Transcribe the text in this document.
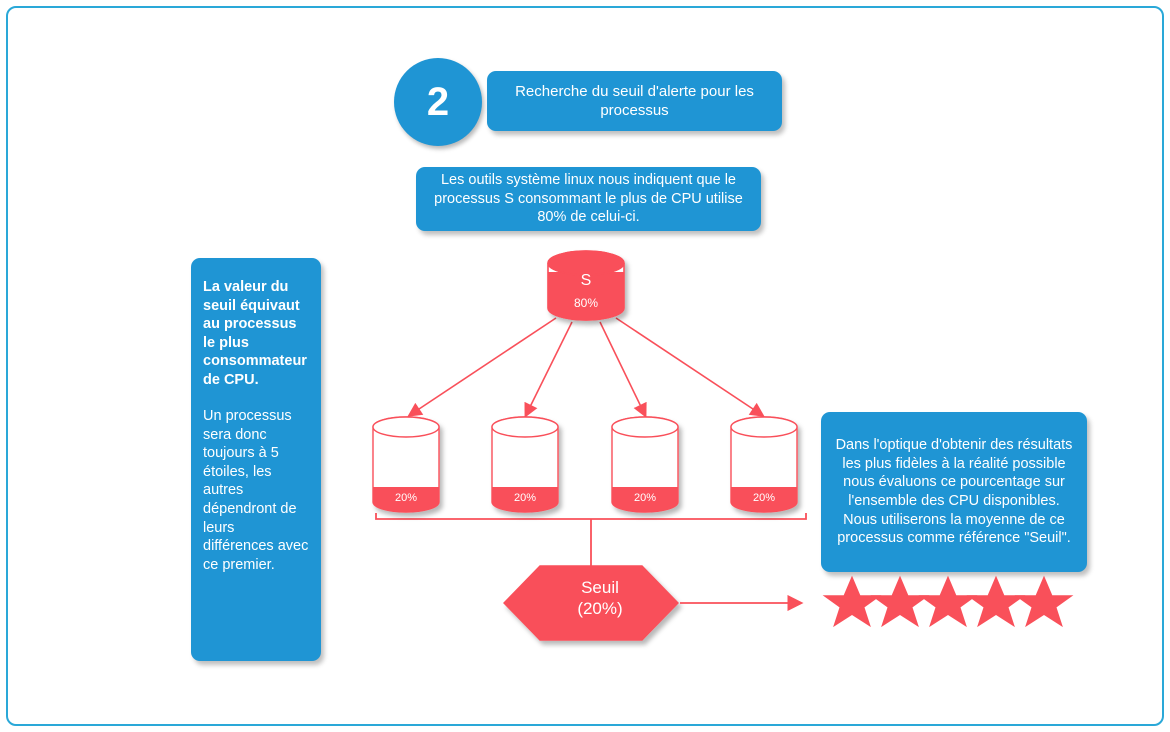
2	Recherche du seuil d'alerte pour les processus
Les outils système linux nous indiquent que le processus S consommant le plus de CPU utilise 80% de celui-ci.

La valeur du seuil équivaut au processus le plus consommateur de CPU.

Un processus sera donc toujours à 5 étoiles, les autres dépendront de leurs différences avec ce premier.

Dans l'optique d'obtenir des résultats les plus fidèles à la réalité possible nous évaluons ce pourcentage sur l'ensemble des CPU disponibles. Nous utiliserons la moyenne de ce processus comme référence "Seuil".
S
80%
20%	20%	20%	20%
Seuil
(20%)
